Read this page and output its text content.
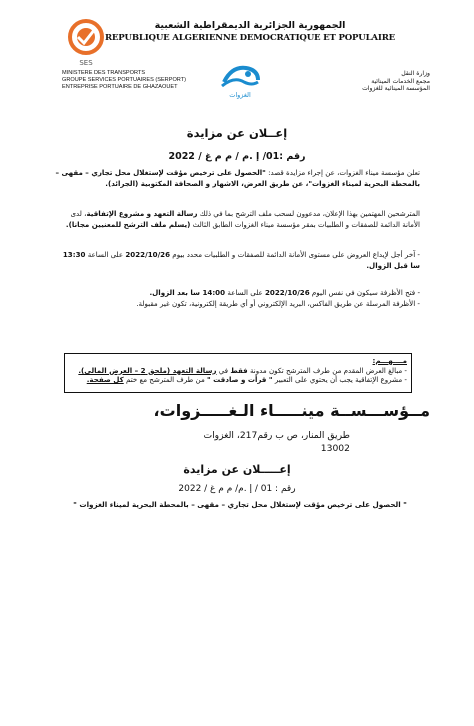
الجمهورية الجزائرية الديمقراطية الشعبية
REPUBLIQUE ALGERIENNE DEMOCRATIQUE ET POPULAIRE
SES
MINISTERE DES TRANSPORTS
GROUPE SERVICES PORTUAIRES (SERPORT)
ENTREPRISE PORTUAIRE DE GHAZAOUET
الغزوات
وزارة النقل
مجمع الخدمات المينائية
المؤسسة المينائية للغزوات
إعــلان عن مزايدة
رقم :01/ إ .م / م م غ / 2022
تعلن مؤسسة ميناء الغزوات، عن إجراء مزايدة قصد: "الحصول على ترخيص مؤقت لإستغلال محل تجاري – مقهى – بالمحطة البحرية لميناء الغزوات"، عن طريق العرض، الاشهار و الصحافة المكتوبية (الجرائد).
المترشحين المهتمين بهذا الإعلان، مدعوون لسحب ملف الترشح بما في ذلك رسالة التعهد و مشروع الإتفاقية، لدى الأمانة الدائمة للصفقات و الطلبيات بمقر مؤسسة ميناء الغزوات الطابق الثالث (يسلم ملف الترشح للمعنيين مجانا).
- آخر أجل لإيداع العروض على مستوى الأمانة الدائمة للصفقات و الطلبيات محدد بيوم 2022/10/26 على الساعة 13:30 سا قبل الزوال.
- فتح الأظرفة سيكون في نفس اليوم 2022/10/26 على الساعة 14:00 سا بعد الزوال.
- الأظرفة المرسلة عن طريق الفاكس، البريد الإلكتروني أو أي طريقة إلكترونية، تكون غير مقبولة.
مــــهـــم:
- مبالغ العرض المقدم من طرف المترشح تكون مدونة فقط في رسالة التعهد (ملحق 2 – العرض المالي).
- مشروع الإتفاقية يجب أن يحتوي على التعبير " قرأت و صادقت " من طرف المترشح مع ختم كل صفحة.
مــؤســـســة مينـــــاء الـغـــــزوات،
طريق المنار، ص ب رقم217، الغزوات 13002
إعـــــلان عن مزايدة
رقم : 01 / إ .م/ م م غ / 2022
" الحصول على ترخيص مؤقت لإستغلال محل تجاري – مقهى – بالمحطة البحرية لميناء الغزوات "
